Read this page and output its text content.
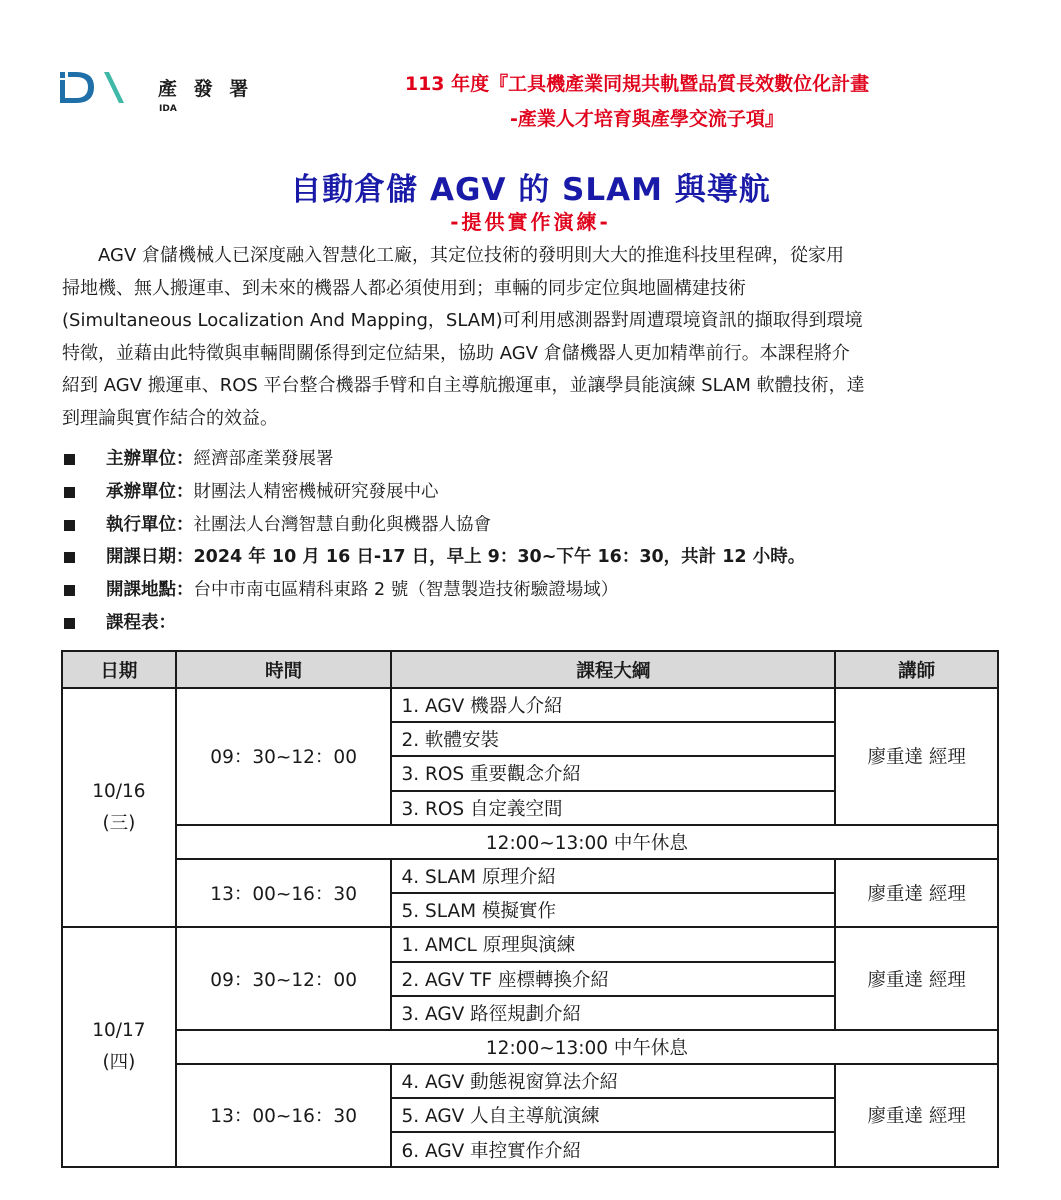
產 發 署
IDA
113 年度『工具機產業同規共軌暨品質長效數位化計畫
-產業人才培育與產學交流子項』
自動倉儲 AGV 的 SLAM 與導航
-提供實作演練-
AGV 倉儲機械人已深度融入智慧化工廠，其定位技術的發明則大大的推進科技里程碑，從家用
掃地機、無人搬運車、到未來的機器人都必須使用到；車輛的同步定位與地圖構建技術
(Simultaneous Localization And Mapping，SLAM)可利用感測器對周遭環境資訊的擷取得到環境
特徵，並藉由此特徵與車輛間關係得到定位結果，協助 AGV 倉儲機器人更加精準前行。本課程將介
紹到 AGV 搬運車、ROS 平台整合機器手臂和自主導航搬運車，並讓學員能演練 SLAM 軟體技術，達
到理論與實作結合的效益。
主辦單位：經濟部產業發展署
承辦單位：財團法人精密機械研究發展中心
執行單位：社團法人台灣智慧自動化與機器人協會
開課日期：2024 年 10 月 16 日-17 日，早上 9：30~下午 16：30，共計 12 小時。
開課地點：台中市南屯區精科東路 2 號（智慧製造技術驗證場域）
課程表：
日期	時間	課程大綱	講師

10/16
(三)	09：30~12：00	1. AGV 機器人介紹	廖重達 經理
		2. 軟體安裝	
		3. ROS 重要觀念介紹	
		3. ROS 自定義空間	
	12:00~13:00 中午休息		
	13：00~16：30	4. SLAM 原理介紹	廖重達 經理
		5. SLAM 模擬實作	

10/17
(四)	09：30~12：00	1. AMCL 原理與演練	廖重達 經理
		2. AGV TF 座標轉換介紹	
		3. AGV 路徑規劃介紹	
	12:00~13:00 中午休息		
	13：00~16：30	4. AGV 動態視窗算法介紹	廖重達 經理
		5. AGV 人自主導航演練	
		6. AGV 車控實作介紹	
